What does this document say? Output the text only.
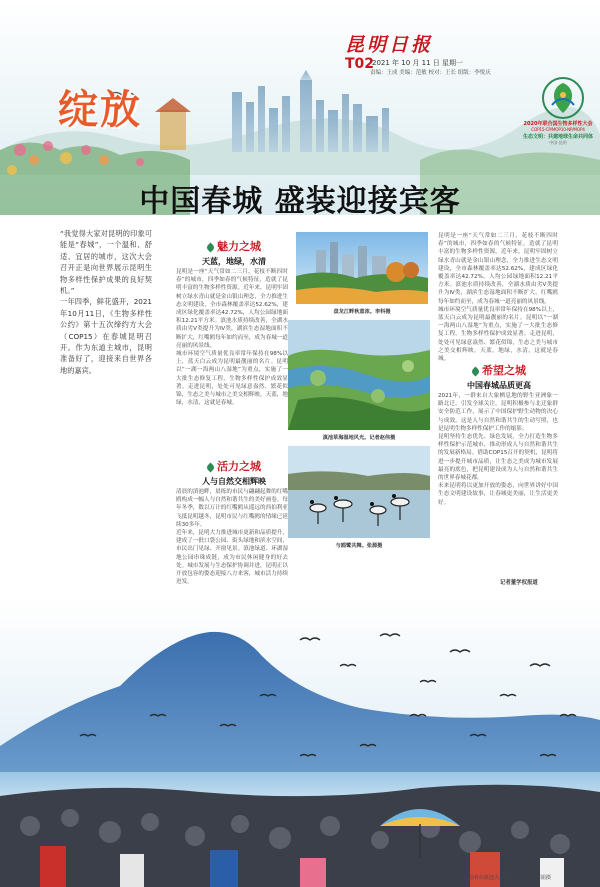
昆明日报
T02
2021 年 10 月 11 日 星期一
责编：王成 美编：范敏 校对：王长 组版：李悦庆
绽放	2020年联合国生物多样性大会
COP15-CP/MOP10-NP/MOP4
生态文明：共建地球生命共同体
中国·昆明
中国春城 盛装迎接宾客
“我觉得大家对昆明的印象可能是“春城”，一个温和、舒适、宜居的城市，这次大会召开正是向世界展示昆明生物多样性保护成果的良好契机。”
一年四季，鲜花盛开，2021年10月11日，《生物多样性公约》第十五次缔约方大会（COP15）在春城昆明召开。作为东道主城市，昆明准备好了，迎接来自世界各地的嘉宾。
魅力之城
天蓝，地绿，水清
昆明是一座“天气常如二三月，花枝不断四时春”的城市，四季如春的气候特征，造就了昆明丰富的生物多样性资源。近年来，昆明牢固树立绿水青山就是金山银山理念，全力推进生态文明建设，全市森林覆盖率达52.62%，建成区绿化覆盖率达42.72%，人均公园绿地面积12.21平方米。滇池水质持续改善，全湖水质由劣Ⅴ类提升为Ⅳ类，湖滨生态湿地面积不断扩大，红嘴鸥每年如约而至，成为春城一道亮丽的风景线。
城市环境空气质量优良率常年保持在98%以上，蓝天白云成为昆明最靓丽的名片。昆明以“一湖一海两山八湿地”为重点，实施了一大批生态修复工程，生物多样性保护成效显著。走进昆明，处处可见绿意盎然、繁花似锦，生态之美与城市之美交相辉映。天蓝，地绿，水清，这就是春城。
活力之城
人与自然交相辉映
清晨的滇池畔，晨练的市民与翩翩起舞的红嘴鸥构成一幅人与自然和谐共生的美好画卷。每年冬季，数以万计的红嘴鸥从遥远的西伯利亚飞抵昆明越冬，昆明市民与红嘴鸥的情缘已延续30多年。
近年来，昆明大力推进城市更新和品质提升，建成了一批口袋公园、街头绿地和滨水空间，市民出门见绿、开窗见景。滇池绿道、环湖湿地公园串珠成链，成为市民休闲健身的好去处。城市发展与生态保护协调并进，昆明正以开放包容的姿态迎接八方来客，城市活力持续迸发。
盘龙江畔秋意浓。李科摄
滇池草海湿地风光。记者赵伟摄
与鸥鹭共舞。张源摄
昆明是一座“天气常如二三月，花枝不断四时春”的城市，四季如春的气候特征，造就了昆明丰富的生物多样性资源。近年来，昆明牢固树立绿水青山就是金山银山理念，全力推进生态文明建设，全市森林覆盖率达52.62%，建成区绿化覆盖率达42.72%，人均公园绿地面积12.21平方米。滇池水质持续改善，全湖水质由劣Ⅴ类提升为Ⅳ类，湖滨生态湿地面积不断扩大，红嘴鸥每年如约而至，成为春城一道亮丽的风景线。
城市环境空气质量优良率常年保持在98%以上，蓝天白云成为昆明最靓丽的名片。昆明以“一湖一海两山八湿地”为重点，实施了一大批生态修复工程，生物多样性保护成效显著。走进昆明，处处可见绿意盎然、繁花似锦，生态之美与城市之美交相辉映。天蓝，地绿，水清，这就是春城。
希望之城
中国春城品质更高
2021年，一群来自大象栖息地的野生亚洲象一路北迁，引发全球关注。昆明积极参与北迁象群安全防范工作，展示了中国保护野生动物的决心与成效。这是人与自然和谐共生的生动写照，也是昆明生物多样性保护工作的缩影。
昆明坚持生态优先、绿色发展，全力打造生物多样性保护示范城市，推动形成人与自然和谐共生的发展新格局。借助COP15召开的契机，昆明将进一步提升城市品质，让生态之美成为城市发展最亮的底色，把昆明建设成为人与自然和谐共生的世界春城花都。
未来昆明将以更加开放的姿态，向世界讲好中国生态文明建设故事，让春城更美丽，让生活更美好。
记者董学权报道
昆明市滇池大观湖畔。记者李海娟摄
